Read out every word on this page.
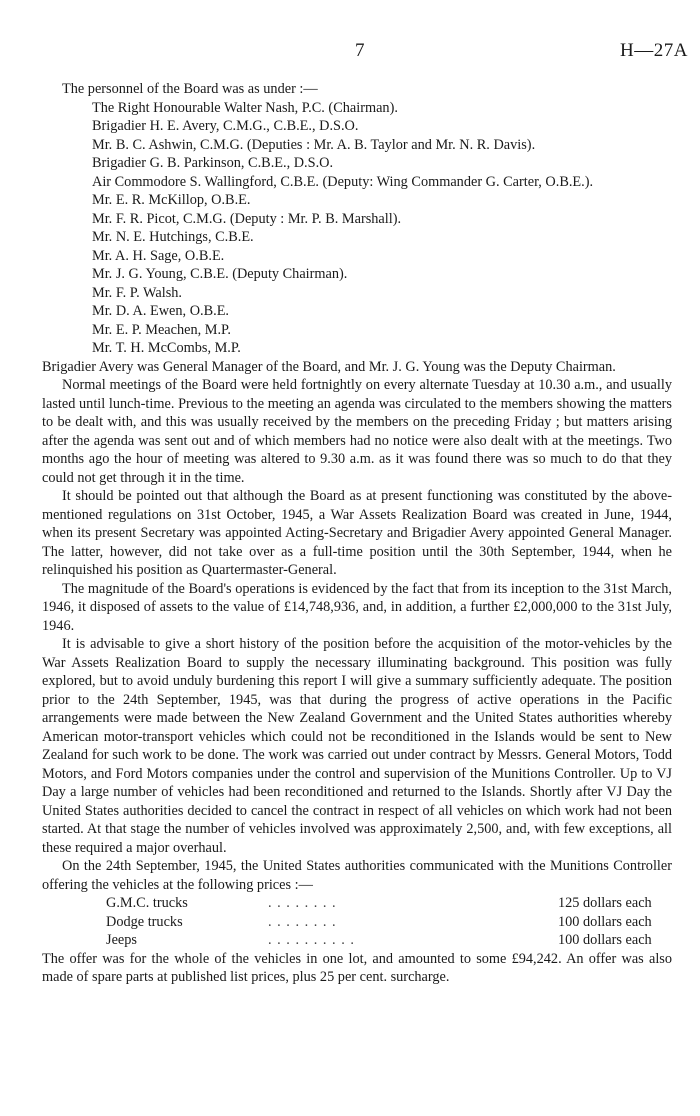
7	H—27A

The personnel of the Board was as under :—

The Right Honourable Walter Nash, P.C. (Chairman).
Brigadier H. E. Avery, C.M.G., C.B.E., D.S.O.
Mr. B. C. Ashwin, C.M.G. (Deputies : Mr. A. B. Taylor and Mr. N. R. Davis).
Brigadier G. B. Parkinson, C.B.E., D.S.O.
Air Commodore S. Wallingford, C.B.E. (Deputy: Wing Commander G. Carter, O.B.E.).
Mr. E. R. McKillop, O.B.E.
Mr. F. R. Picot, C.M.G. (Deputy : Mr. P. B. Marshall).
Mr. N. E. Hutchings, C.B.E.
Mr. A. H. Sage, O.B.E.
Mr. J. G. Young, C.B.E. (Deputy Chairman).
Mr. F. P. Walsh.
Mr. D. A. Ewen, O.B.E.
Mr. E. P. Meachen, M.P.
Mr. T. H. McCombs, M.P.

Brigadier Avery was General Manager of the Board, and Mr. J. G. Young was the Deputy Chairman.

Normal meetings of the Board were held fortnightly on every alternate Tuesday at 10.30 a.m., and usually lasted until lunch-time. Previous to the meeting an agenda was circulated to the members showing the matters to be dealt with, and this was usually received by the members on the preceding Friday ; but matters arising after the agenda was sent out and of which members had no notice were also dealt with at the meetings. Two months ago the hour of meeting was altered to 9.30 a.m. as it was found there was so much to do that they could not get through it in the time.

It should be pointed out that although the Board as at present functioning was constituted by the above-mentioned regulations on 31st October, 1945, a War Assets Realization Board was created in June, 1944, when its present Secretary was appointed Acting-Secretary and Brigadier Avery appointed General Manager. The latter, however, did not take over as a full-time position until the 30th September, 1944, when he relinquished his position as Quartermaster-General.

The magnitude of the Board's operations is evidenced by the fact that from its inception to the 31st March, 1946, it disposed of assets to the value of £14,748,936, and, in addition, a further £2,000,000 to the 31st July, 1946.

It is advisable to give a short history of the position before the acquisition of the motor-vehicles by the War Assets Realization Board to supply the necessary illuminating background. This position was fully explored, but to avoid unduly burdening this report I will give a summary sufficiently adequate. The position prior to the 24th September, 1945, was that during the progress of active operations in the Pacific arrangements were made between the New Zealand Government and the United States authorities whereby American motor-transport vehicles which could not be reconditioned in the Islands would be sent to New Zealand for such work to be done. The work was carried out under contract by Messrs. General Motors, Todd Motors, and Ford Motors companies under the control and supervision of the Munitions Controller. Up to VJ Day a large number of vehicles had been reconditioned and returned to the Islands. Shortly after VJ Day the United States authorities decided to cancel the contract in respect of all vehicles on which work had not been started. At that stage the number of vehicles involved was approximately 2,500, and, with few exceptions, all these required a major overhaul.

On the 24th September, 1945, the United States authorities communicated with the Munitions Controller offering the vehicles at the following prices :—

G.M.C. trucks	. . . . . . . .	125 dollars each
Dodge trucks	. . . . . . . .	100 dollars each
Jeeps	. . . . . . . . . .	100 dollars each

The offer was for the whole of the vehicles in one lot, and amounted to some £94,242. An offer was also made of spare parts at published list prices, plus 25 per cent. surcharge.
